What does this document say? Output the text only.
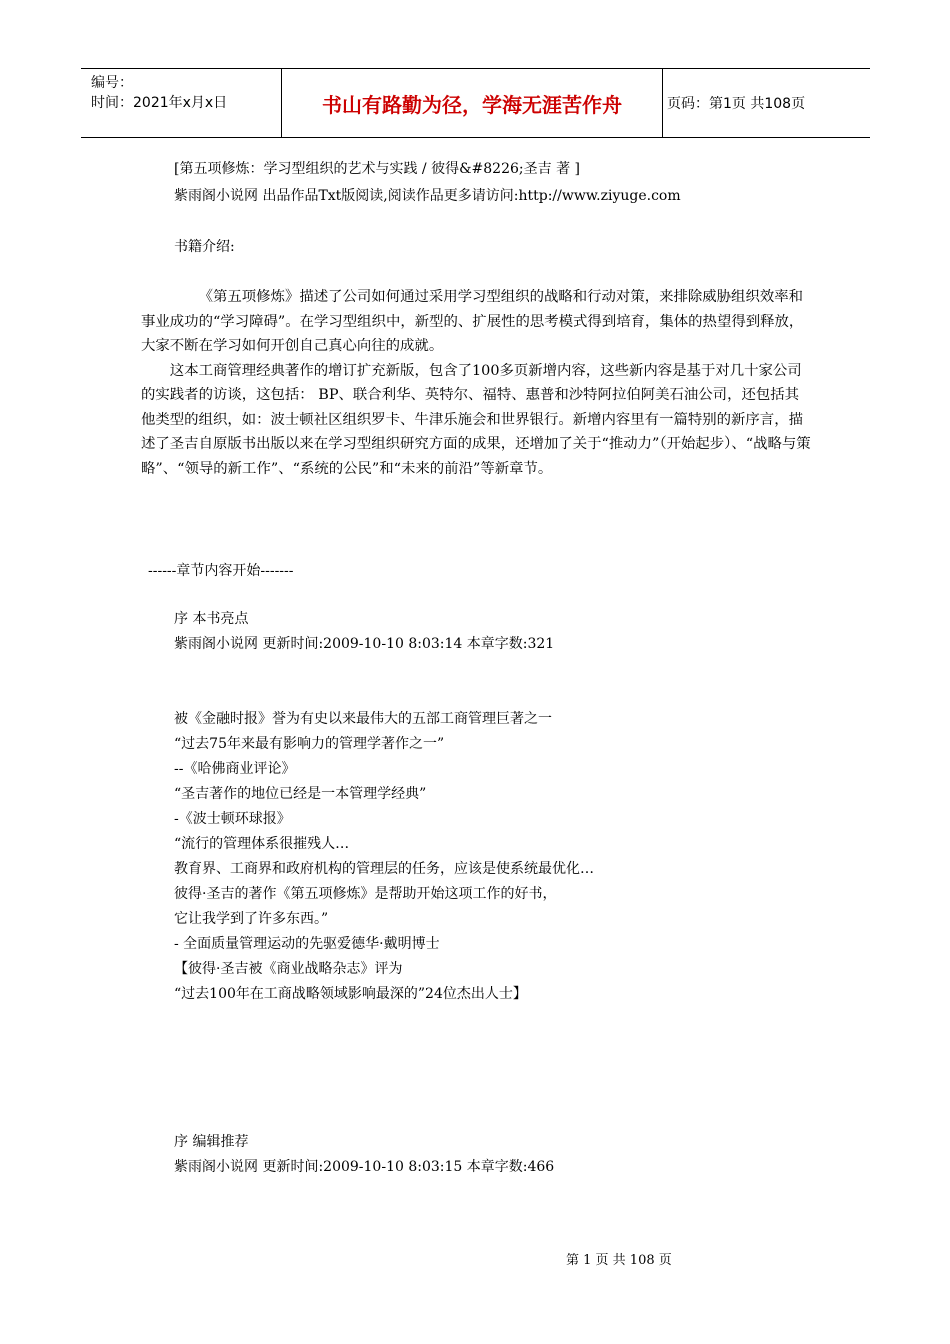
编号：
时间：2021年x月x日	书山有路勤为径，学海无涯苦作舟	页码：第1页 共108页
[第五项修炼：学习型组织的艺术与实践 / 彼得&#8226;圣吉 著 ]
紫雨阁小说网 出品作品Txt版阅读,阅读作品更多请访问:http://www.ziyuge.com
书籍介绍:

《第五项修炼》描述了公司如何通过采用学习型组织的战略和行动对策，来排除威胁组织效率和事业成功的“学习障碍”。在学习型组织中，新型的、扩展性的思考模式得到培育，集体的热望得到释放，大家不断在学习如何开创自己真心向往的成就。

这本工商管理经典著作的增订扩充新版，包含了100多页新增内容，这些新内容是基于对几十家公司的实践者的访谈，这包括： BP、联合利华、英特尔、福特、惠普和沙特阿拉伯阿美石油公司，还包括其他类型的组织，如：波士顿社区组织罗卡、牛津乐施会和世界银行。新增内容里有一篇特别的新序言，描述了圣吉自原版书出版以来在学习型组织研究方面的成果，还增加了关于“推动力”（开始起步）、“战略与策略”、“领导的新工作”、“系统的公民”和“未来的前沿”等新章节。

------章节内容开始-------
序 本书亮点
紫雨阁小说网 更新时间:2009-10-10 8:03:14 本章字数:321
被《金融时报》誉为有史以来最伟大的五部工商管理巨著之一
“过去75年来最有影响力的管理学著作之一”
--《哈佛商业评论》
“圣吉著作的地位已经是一本管理学经典”
-《波士顿环球报》
“流行的管理体系很摧残人…
教育界、工商界和政府机构的管理层的任务，应该是使系统最优化…
彼得·圣吉的著作《第五项修炼》是帮助开始这项工作的好书，
它让我学到了许多东西。”
- 全面质量管理运动的先驱爱德华·戴明博士
【彼得·圣吉被《商业战略杂志》评为
“过去100年在工商战略领域影响最深的”24位杰出人士】
序 编辑推荐
紫雨阁小说网 更新时间:2009-10-10 8:03:15 本章字数:466
第 1 页 共 108 页
